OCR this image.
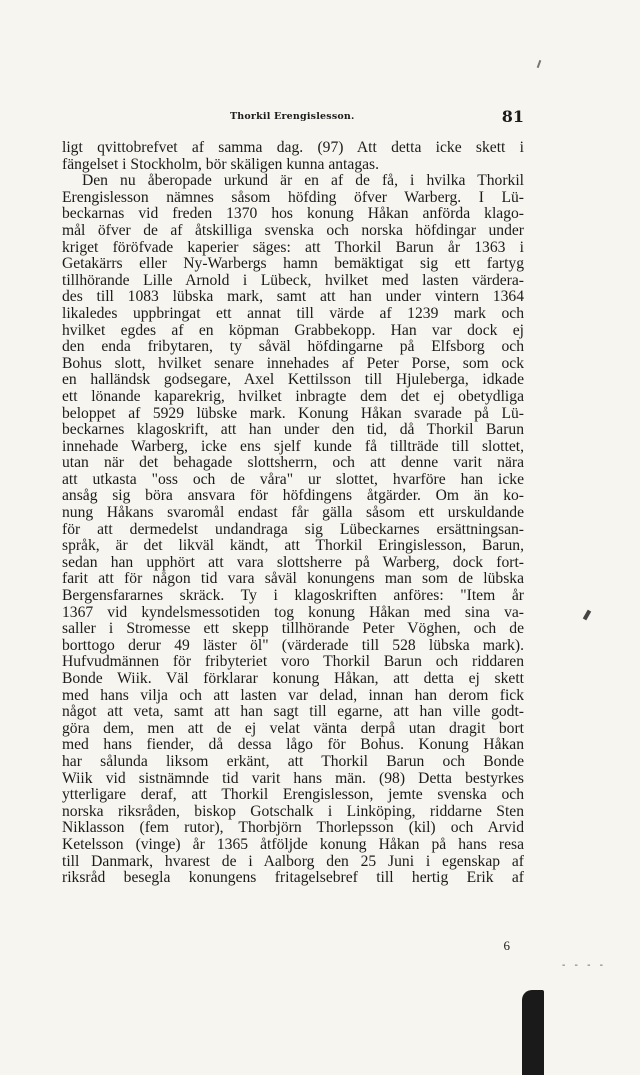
Thorkil Erengislesson.	81
ligt qvittobrefvet af samma dag. (97) Att detta icke skett i
fängelset i Stockholm, bör skäligen kunna antagas.
Den nu åberopade urkund är en af de få, i hvilka Thorkil
Erengislesson nämnes såsom höfding öfver Warberg. I Lü-
beckarnas vid freden 1370 hos konung Håkan anförda klago-
mål öfver de af åtskilliga svenska och norska höfdingar under
kriget föröfvade kaperier säges: att Thorkil Barun år 1363 i
Getakärrs eller Ny-Warbergs hamn bemäktigat sig ett fartyg
tillhörande Lille Arnold i Lübeck, hvilket med lasten värdera-
des till 1083 lübska mark, samt att han under vintern 1364
likaledes uppbringat ett annat till värde af 1239 mark och
hvilket egdes af en köpman Grabbekopp. Han var dock ej
den enda fribytaren, ty såväl höfdingarne på Elfsborg och
Bohus slott, hvilket senare innehades af Peter Porse, som ock
en halländsk godsegare, Axel Kettilsson till Hjuleberga, idkade
ett lönande kaparekrig, hvilket inbragte dem det ej obetydliga
beloppet af 5929 lübske mark. Konung Håkan svarade på Lü-
beckarnes klagoskrift, att han under den tid, då Thorkil Barun
innehade Warberg, icke ens sjelf kunde få tillträde till slottet,
utan när det behagade slottsherrn, och att denne varit nära
att utkasta "oss och de våra" ur slottet, hvarföre han icke
ansåg sig böra ansvara för höfdingens åtgärder. Om än ko-
nung Håkans svaromål endast får gälla såsom ett urskuldande
för att dermedelst undandraga sig Lübeckarnes ersättningsan-
språk, är det likväl kändt, att Thorkil Eringislesson, Barun,
sedan han upphört att vara slottsherre på Warberg, dock fort-
farit att för någon tid vara såväl konungens man som de lübska
Bergensfararnes skräck. Ty i klagoskriften anföres: "Item år
1367 vid kyndelsmessotiden tog konung Håkan med sina va-
saller i Stromesse ett skepp tillhörande Peter Vöghen, och de
borttogo derur 49 läster öl" (värderade till 528 lübska mark).
Hufvudmännen för fribyteriet voro Thorkil Barun och riddaren
Bonde Wiik. Väl förklarar konung Håkan, att detta ej skett
med hans vilja och att lasten var delad, innan han derom fick
något att veta, samt att han sagt till egarne, att han ville godt-
göra dem, men att de ej velat vänta derpå utan dragit bort
med hans fiender, då dessa lågo för Bohus. Konung Håkan
har sålunda liksom erkänt, att Thorkil Barun och Bonde
Wiik vid sistnämnde tid varit hans män. (98) Detta bestyrkes
ytterligare deraf, att Thorkil Erengislesson, jemte svenska och
norska riksråden, biskop Gotschalk i Linköping, riddarne Sten
Niklasson (fem rutor), Thorbjörn Thorlepsson (kil) och Arvid
Ketelsson (vinge) år 1365 åtföljde konung Håkan på hans resa
till Danmark, hvarest de i Aalborg den 25 Juni i egenskap af
riksråd besegla konungens fritagelsebref till hertig Erik af
6
- - - -
